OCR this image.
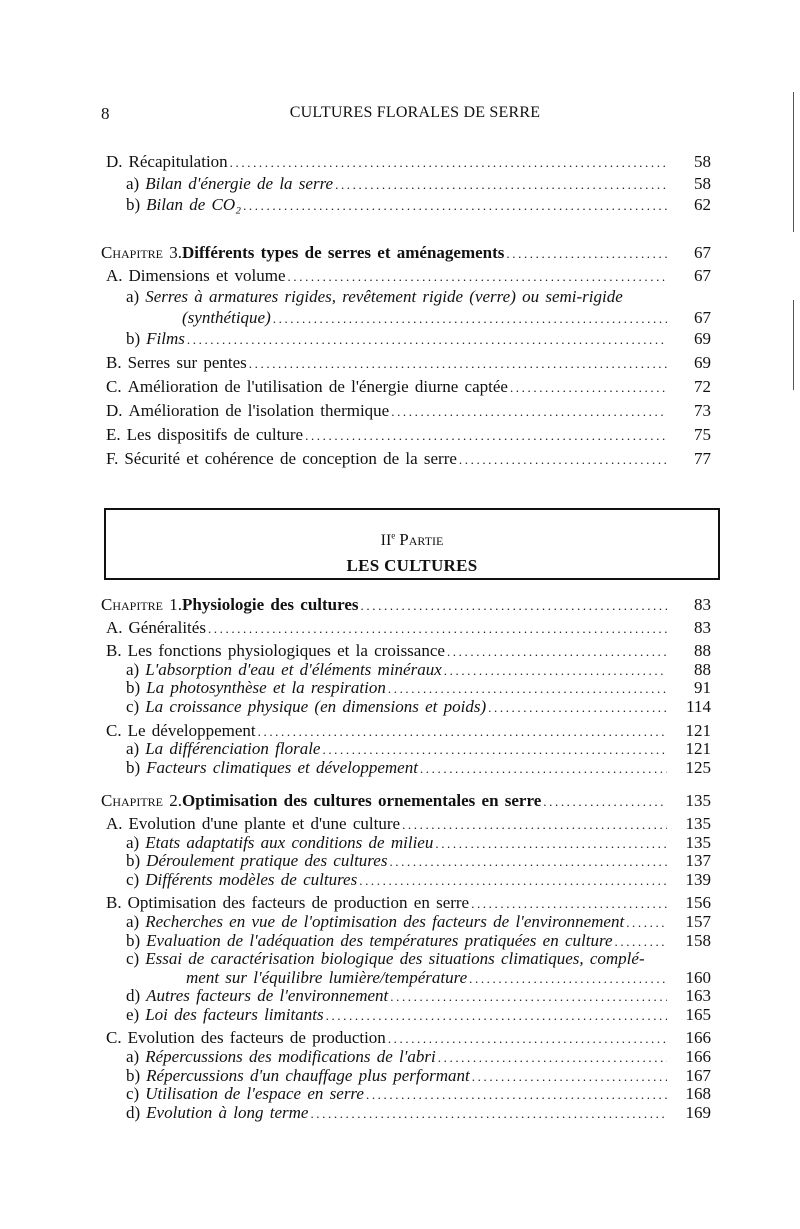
8	CULTURES FLORALES DE SERRE
D. Récapitulation .....	58
a) Bilan d'énergie de la serre .....	58
b) Bilan de CO₂ .....	62
Chapitre 3. Différents types de serres et aménagements .....	67
A. Dimensions et volume .....	67
a) Serres à armatures rigides, revêtement rigide (verre) ou semi-rigide
(synthétique) .....	67
b) Films .....	69
B. Serres sur pentes .....	69
C. Amélioration de l'utilisation de l'énergie diurne captée .....	72
D. Amélioration de l'isolation thermique .....	73
E. Les dispositifs de culture .....	75
F. Sécurité et cohérence de conception de la serre .....	77
IIe Partie
LES CULTURES
Chapitre 1. Physiologie des cultures .....	83
A. Généralités .....	83
B. Les fonctions physiologiques et la croissance .....	88
a) L'absorption d'eau et d'éléments minéraux .....	88
b) La photosynthèse et la respiration .....	91
c) La croissance physique (en dimensions et poids) .....	114
C. Le développement .....	121
a) La différenciation florale .....	121
b) Facteurs climatiques et développement .....	125
Chapitre 2. Optimisation des cultures ornementales en serre .....	135
A. Evolution d'une plante et d'une culture .....	135
a) Etats adaptatifs aux conditions de milieu .....	135
b) Déroulement pratique des cultures .....	137
c) Différents modèles de cultures .....	139
B. Optimisation des facteurs de production en serre .....	156
a) Recherches en vue de l'optimisation des facteurs de l'environnement .....	157
b) Evaluation de l'adéquation des températures pratiquées en culture .....	158
c) Essai de caractérisation biologique des situations climatiques, complé-
ment sur l'équilibre lumière/température .....	160
d) Autres facteurs de l'environnement .....	163
e) Loi des facteurs limitants .....	165
C. Evolution des facteurs de production .....	166
a) Répercussions des modifications de l'abri .....	166
b) Répercussions d'un chauffage plus performant .....	167
c) Utilisation de l'espace en serre .....	168
d) Evolution à long terme .....	169
